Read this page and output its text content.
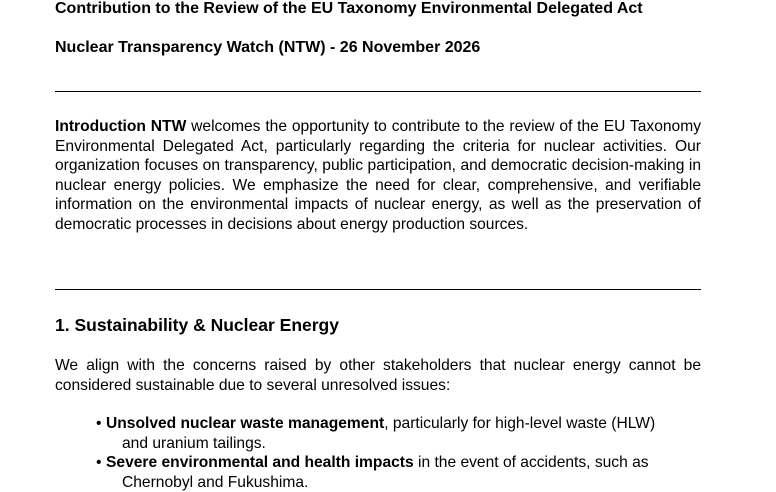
Contribution to the Review of the EU Taxonomy Environmental Delegated Act
Nuclear Transparency Watch (NTW) - 26 November 2026

Introduction NTW welcomes the opportunity to contribute to the review of the EU Taxonomy Environmental Delegated Act, particularly regarding the criteria for nuclear activities. Our organization focuses on transparency, public participation, and democratic decision-making in nuclear energy policies. We emphasize the need for clear, comprehensive, and verifiable information on the environmental impacts of nuclear energy, as well as the preservation of democratic processes in decisions about energy production sources.

1. Sustainability & Nuclear Energy

We align with the concerns raised by other stakeholders that nuclear energy cannot be considered sustainable due to several unresolved issues:

• Unsolved nuclear waste management, particularly for high-level waste (HLW)
and uranium tailings.
• Severe environmental and health impacts in the event of accidents, such as
Chernobyl and Fukushima.
